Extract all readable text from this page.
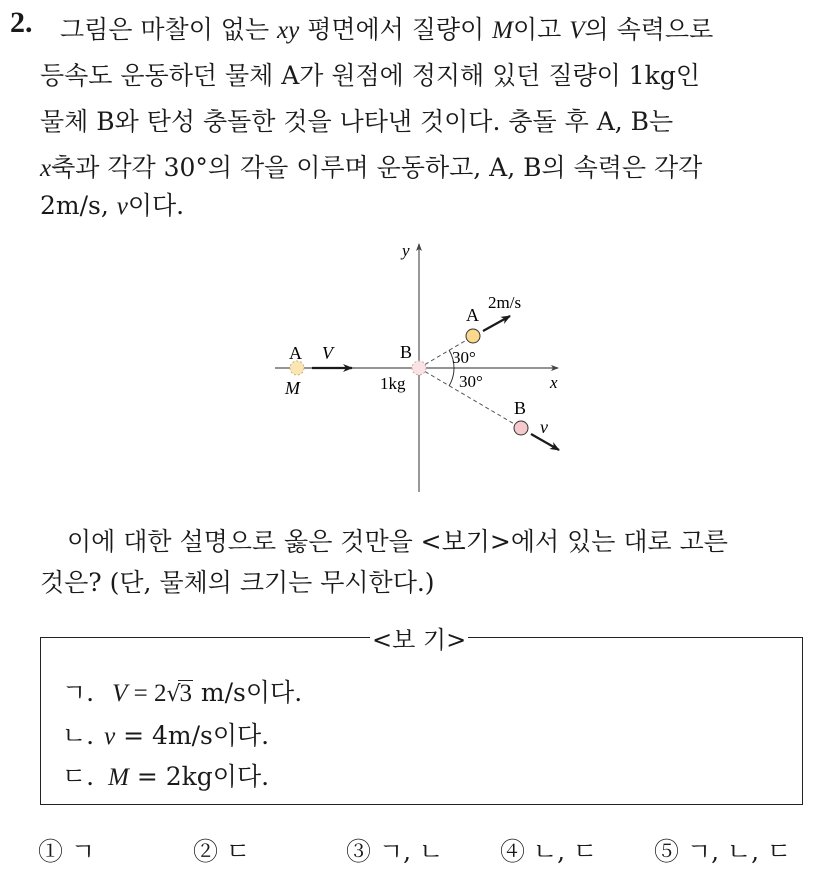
2. 그림은 마찰이 없는 xy 평면에서 질량이 M이고 V의 속력으로
등속도 운동하던 물체 A가 원점에 정지해 있던 질량이 1kg인
물체 B와 탄성 충돌한 것을 나타낸 것이다. 충돌 후 A, B는
x축과 각각 30°의 각을 이루며 운동하고, A, B의 속력은 각각
2m/s, v이다.
x
y
30°
30°
A
M
V	B
1kg
A
2m/s
B
v
이에 대한 설명으로 옳은 것만을 <보기>에서 있는 대로 고른
것은? (단, 물체의 크기는 무시한다.)
<보 기>
ㄱ. V = 2√3 m/s이다.
ㄴ. v = 4m/s이다.
ㄷ. M = 2kg이다.
① ㄱ	② ㄷ	③ ㄱ, ㄴ ④ ㄴ, ㄷ ⑤ ㄱ, ㄴ, ㄷ
